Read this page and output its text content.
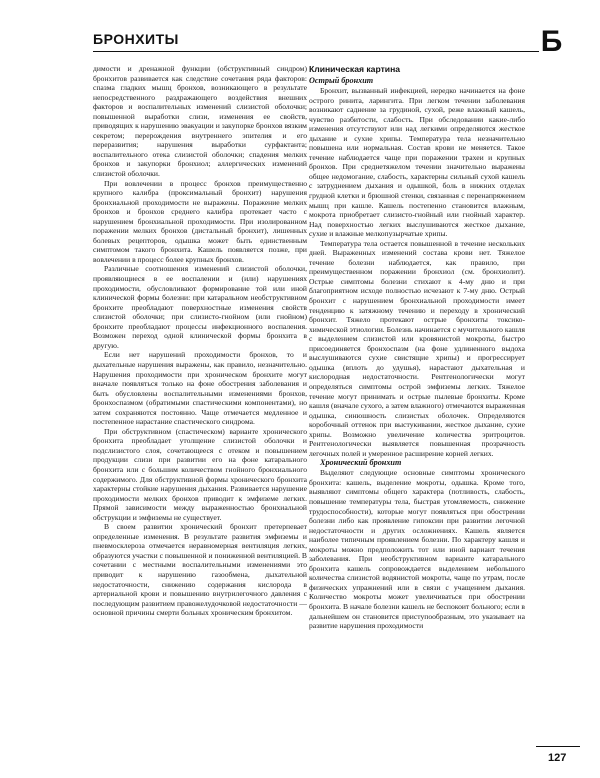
БРОНХИТЫ	Б

димости и дренажной функции (обструктивный синдром) бронхитов развивается как следствие сочетания ряда факторов: спазма гладких мышц бронхов, возникающего в результате непосредственного раздражающего воздействия внешних факторов и воспалительных изменений слизистой оболочки; повышенной выработки слизи, изменения ее свойств, приводящих к нарушению эвакуации и закупорке бронхов вязким секретом; перерождения внутреннего эпителия и его переразвития; нарушения выработки сурфактанта; воспалительного отека слизистой оболочки; спадения мелких бронхов и закупорки бронхиол; аллергических изменений слизистой оболочки.

При вовлечении в процесс бронхов преимущественно крупного калибра (проксимальный бронхит) нарушения бронхиальной проходимости не выражены. Поражение мелких бронхов и бронхов среднего калибра протекает часто с нарушением бронхиальной проходимости. При изолированном поражении мелких бронхов (дистальный бронхит), лишенных болевых рецепторов, одышка может быть единственным симптомом такого бронхита. Кашель появляется позже, при вовлечении в процесс более крупных бронхов.

Различные соотношения изменений слизистой оболочки, проявляющиеся в ее воспалении и (или) нарушениях проходимости, обусловливают формирование той или иной клинической формы болезни: при катаральном необструктивном бронхите преобладают поверхностные изменения свойств слизистой оболочки; при слизисто-гнойном (или гнойном) бронхите преобладают процессы инфекционного воспаления. Возможен переход одной клинической формы бронхита в другую.

Если нет нарушений проходимости бронхов, то и дыхательные нарушения выражены, как правило, незначительно. Нарушения проходимости при хроническом бронхите могут вначале появляться только на фоне обострения заболевания и быть обусловлены воспалительными изменениями бронхов, бронхоспазмом (обратимыми спастическими компонентами), но затем сохраняются постоянно. Чаще отмечается медленное и постепенное нарастание спастического синдрома.

При обструктивном (спастическом) варианте хронического бронхита преобладает утолщение слизистой оболочки и подслизистого слоя, сочетающееся с отеком и повышением продукции слизи при развитии его на фоне катарального бронхита или с большим количеством гнойного бронхиального содержимого. Для обструктивной формы хронического бронхита характерны стойкие нарушения дыхания. Развивается нарушение проходимости мелких бронхов приводит к эмфиземе легких. Прямой зависимости между выраженностью бронхиальной обструкции и эмфиземы не существует.

В своем развитии хронический бронхит претерпевает определенные изменения. В результате развития эмфиземы и пневмосклероза отмечается неравномерная вентиляция легких, образуются участки с повышенной и пониженной вентиляцией. В сочетании с местными воспалительными изменениями это приводит к нарушению газообмена, дыхательной недостаточности, снижению содержания кислорода в артериальной крови и повышению внутрилегочного давления с последующим развитием правожелудочковой недостаточности — основной причины смерти больных хроническим бронхитом.

Клиническая картина
Острый бронхит

Бронхит, вызванный инфекцией, нередко начинается на фоне острого ринита, ларингита. При легком течении заболевания возникают саднение за грудиной, сухой, реже влажный кашель, чувство разбитости, слабость. При обследовании какие-либо изменения отсутствуют или над легкими определяются жесткое дыхание и сухие хрипы. Температура тела незначительно повышена или нормальная. Состав крови не меняется. Такое течение наблюдается чаще при поражении трахеи и крупных бронхов. При среднетяжелом течении значительно выражены общее недомогание, слабость, характерны сильный сухой кашель с затруднением дыхания и одышкой, боль в нижних отделах грудной клетки и брюшной стенки, связанная с перенапряжением мышц при кашле. Кашель постепенно становится влажным, мокрота приобретает слизисто-гнойный или гнойный характер. Над поверхностью легких выслушиваются жесткое дыхание, сухие и влажные мелкопузырчатые хрипы.

Температура тела остается повышенной в течение нескольких дней. Выраженных изменений состава крови нет. Тяжелое течение болезни наблюдается, как правило, при преимущественном поражении бронхиол (см. бронхиолит). Острые симптомы болезни стихают к 4-му дню и при благоприятном исходе полностью исчезают к 7-му дню. Острый бронхит с нарушением бронхиальной проходимости имеет тенденцию к затяжному течению и переходу в хронический бронхит. Тяжело протекают острые бронхиты токсико-химической этиологии. Болезнь начинается с мучительного кашля с выделением слизистой или кровянистой мокроты, быстро присоединяется бронхоспазм (на фоне удлиненного выдоха выслушиваются сухие свистящие хрипы) и прогрессирует одышка (вплоть до удушья), нарастают дыхательная и кислородная недостаточности. Рентгенологически могут определяться симптомы острой эмфиземы легких. Тяжелое течение могут принимать и острые пылевые бронхиты. Кроме кашля (вначале сухого, а затем влажного) отмечаются выраженная одышка, синюшность слизистых оболочек. Определяются коробочный оттенок при выстукивании, жесткое дыхание, сухие хрипы. Возможно увеличение количества эритроцитов. Рентгенологически выявляется повышенная прозрачность легочных полей и умеренное расширение корней легких.

Хронический бронхит

Выделяют следующие основные симптомы хронического бронхита: кашель, выделение мокроты, одышка. Кроме того, выявляют симптомы общего характера (потливость, слабость, повышение температуры тела, быстрая утомляемость, снижение трудоспособности), которые могут появляться при обострении болезни либо как проявление гипоксии при развитии легочной недостаточности и других осложнениях. Кашель является наиболее типичным проявлением болезни. По характеру кашля и мокроты можно предположить тот или иной вариант течения заболевания. При необструктивном варианте катарального бронхита кашель сопровождается выделением небольшого количества слизистой водянистой мокроты, чаще по утрам, после физических упражнений или в связи с учащением дыхания. Количество мокроты может увеличиваться при обострении бронхита. В начале болезни кашель не беспокоит больного; если в дальнейшем он становится приступообразным, это указывает на развитие нарушения проходимости

127
